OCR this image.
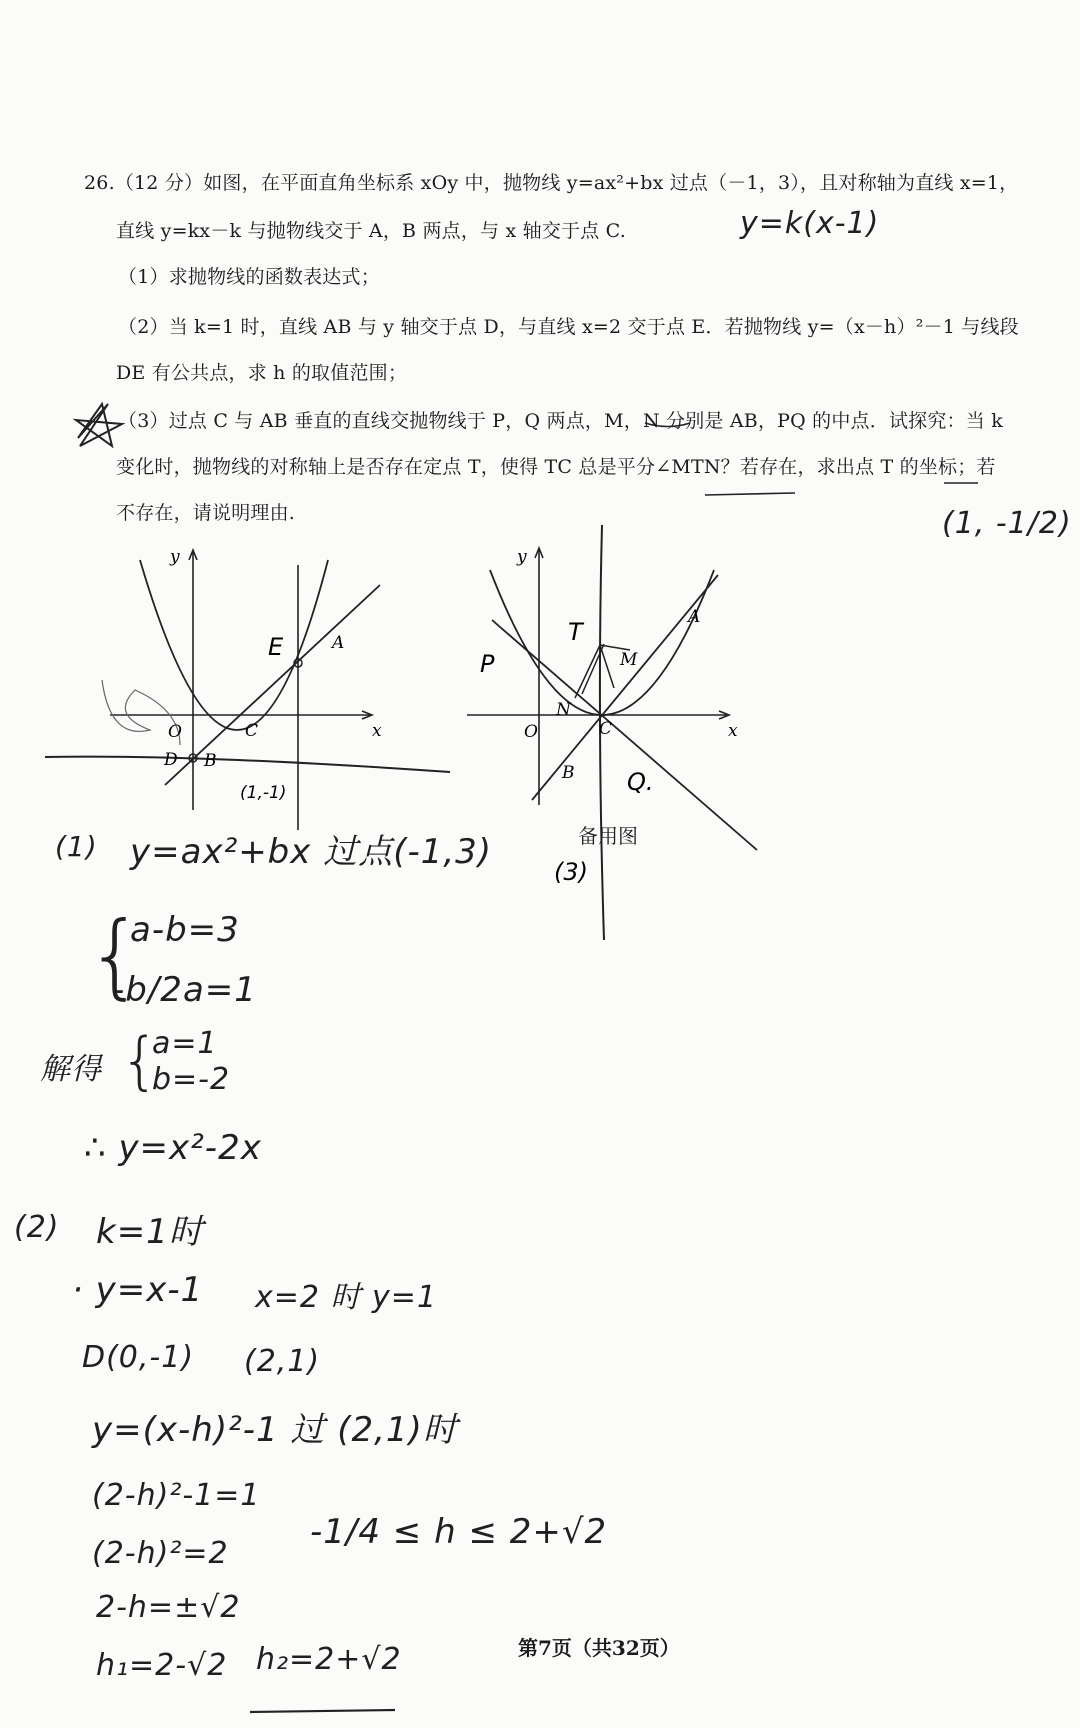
26.（12 分）如图，在平面直角坐标系 xOy 中，抛物线 y=ax²+bx 过点（－1，3），且对称轴为直线 x=1，
直线 y=kx－k 与抛物线交于 A，B 两点，与 x 轴交于点 C.
（1）求抛物线的函数表达式；
（2）当 k=1 时，直线 AB 与 y 轴交于点 D，与直线 x=2 交于点 E．若抛物线 y=（x－h）²－1 与线段
DE 有公共点，求 h 的取值范围；
（3）过点 C 与 AB 垂直的直线交抛物线于 P，Q 两点，M，N 分别是 AB，PQ 的中点．试探究：当 k
变化时，抛物线的对称轴上是否存在定点 T，使得 TC 总是平分∠MTN？若存在，求出点 T 的坐标；若
不存在，请说明理由.
y=k(x-1)
(1, -1/2)
y
x
O	C
E	A
D B
(1,-1)
y
x
O	C
A
B
N
M
T
P
Q.
(3)
备用图
(1) y=ax²+bx 过点(-1,3)
{
a-b=3
-b/2a=1
解得 {
a=1
b=-2
∴ y=x²-2x
(2) k=1时
· y=x-1 x=2 时 y=1
D(0,-1) (2,1)
y=(x-h)²-1 过 (2,1)时
(2-h)²-1=1
-1/4 ≤ h ≤ 2+√2
(2-h)²=2
2-h=±√2
h₁=2-√2 h₂=2+√2	第7页（共32页）
